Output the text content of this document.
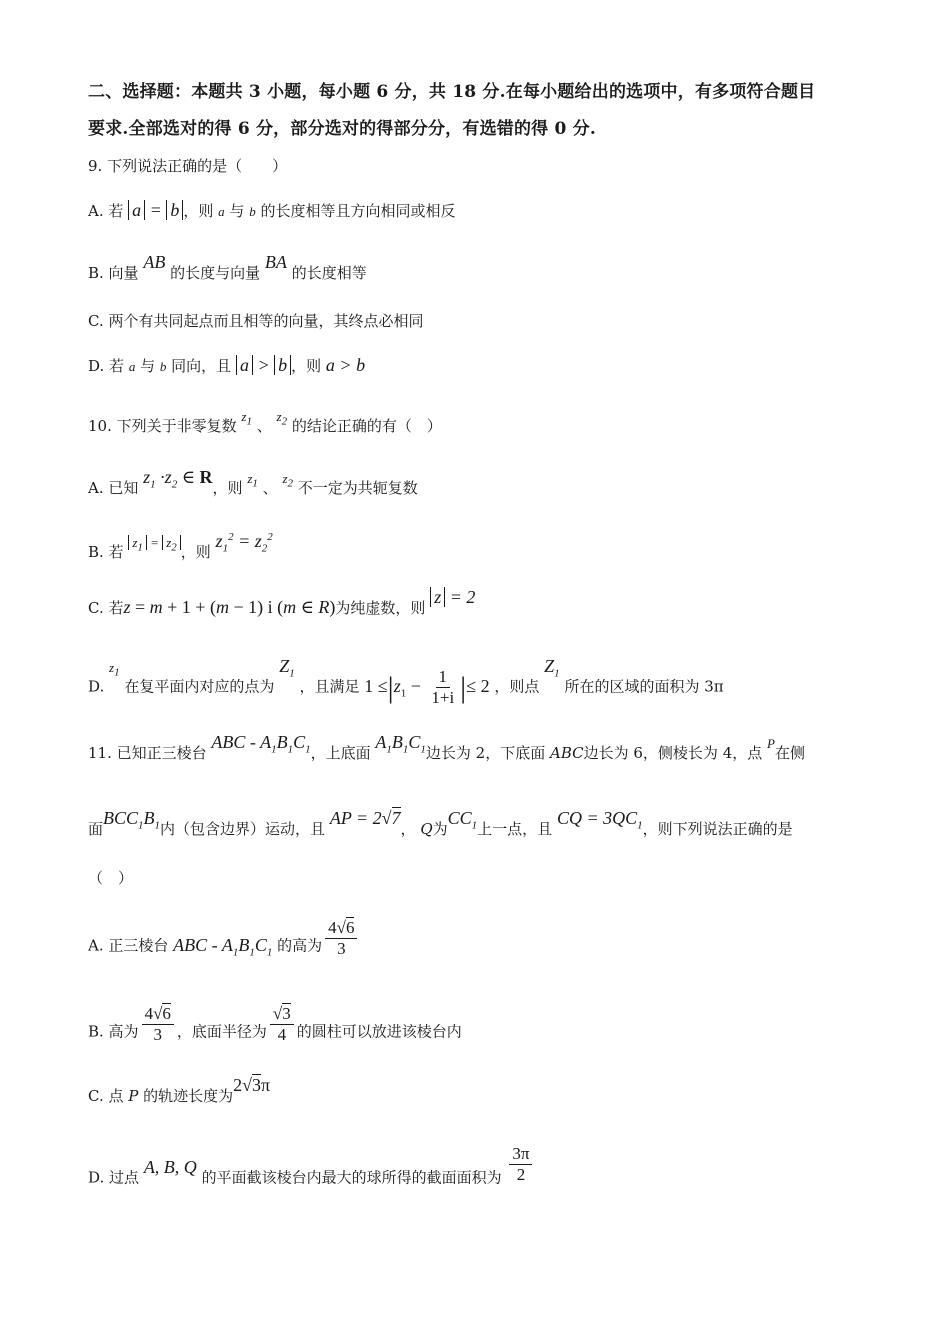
二、选择题：本题共 3 小题，每小题 6 分，共 18 分.在每小题给出的选项中，有多项符合题目
要求.全部选对的得 6 分，部分选对的得部分分，有选错的得 0 分.
9. 下列说法正确的是（　　）
A. 若 a = b ，则 a 与 b 的长度相等且方向相同或相反
B. 向量 AB 的长度与向量 BA 的长度相等
C. 两个有共同起点而且相等的向量，其终点必相同
D. 若 a 与 b 同向，且 a > b ，则 a > b
10. 下列关于非零复数 $z_1$ 、 $z_2$ 的结论正确的有（　）
A. 已知 $z_1 \cdot z_2$ ∈ R，则 $z_1$ 、 $z_2$ 不一定为共轭复数
B. 若 $z_1 = z_2$ ，则 $z_1^2 = z_2^2$
C. 若z = m + 1 + (m − 1) i (m ∈ R)为纯虚数，则 z = 2
D. $z_1$ 在复平面内对应的点为 $Z_1$ ，且满足 $1 \le|z_1 - \frac{1}{1+i}$ |≤ 2 ，则点 $Z_1$ 所在的区域的面积为 3π
11. 已知正三棱台 ABC - $A_1B_1C_1$，上底面 $A_1B_1C_1$边长为 2，下底面 ABC边长为 6，侧棱长为 4，点 P在侧
面$BCC_1B_1$内（包含边界）运动，且 AP = 2√7， Q为$CC_1$上一点，且 CQ = $3QC_1$，则下列说法正确的是
（　）
A. 正三棱台 ABC - $A_1B_1C_1$ 的高为 $\frac{4√6}{3}$
B. 高为 $\frac{4√6}{3}$ ，底面半径为 $\frac{√3}{4}$ 的圆柱可以放进该棱台内
C. 点 P 的轨迹长度为2√3π
D. 过点 A, B, Q 的平面截该棱台内最大的球所得的截面面积为 $\frac{3\pi}{2}$
